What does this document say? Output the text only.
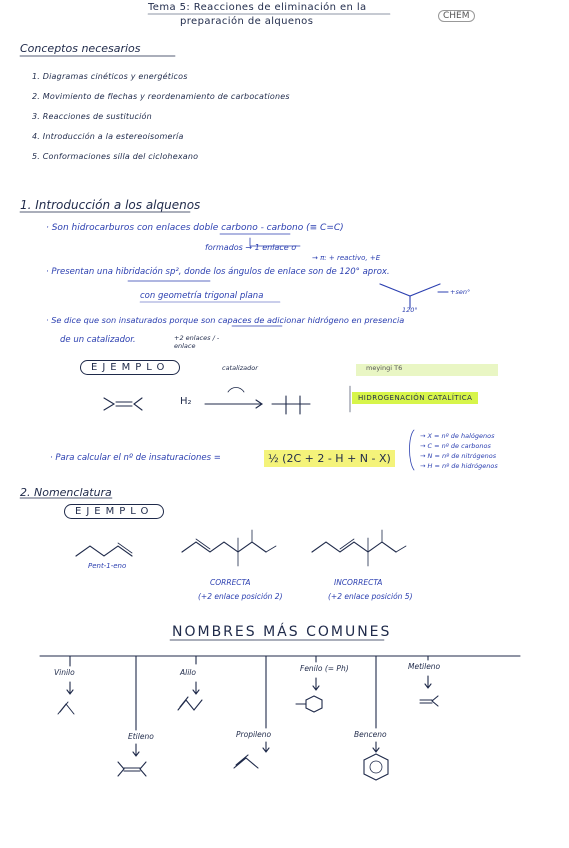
Tema 5: Reacciones de eliminación en la
preparación de alquenos	CHEM
Conceptos necesarios
1. Diagramas cinéticos y energéticos
2. Movimiento de flechas y reordenamiento de carbocationes
3. Reacciones de sustitución
4. Introducción a la estereoisomería
5. Conformaciones silla del ciclohexano
1. Introducción a los alquenos
· Son hidrocarburos con enlaces doble carbono - carbono (≡ C=C)
formados → 1 enlace σ
→ π: + reactivo, +E
· Presentan una hibridación sp², donde los ángulos de enlace son de 120° aprox.
con geometría trigonal plana
120°
+sen°
· Se dice que son insaturados porque son capaces de adicionar hidrógeno en presencia
de un catalizador.	+2 enlaces / -enlace
EJEMPLO	catalizador
H₂
meyingi T6
HIDROGENACIÓN CATALÍTICA
· Para calcular el nº de insaturaciones =	½ (2C + 2 - H + N - X)
→ X = nº de halógenos
→ C = nº de carbonos
→ N = nº de nitrógenos
→ H = nº de hidrógenos
2. Nomenclatura
EJEMPLO
Pent-1-eno
CORRECTA
(+2 enlace posición 2)
INCORRECTA
(+2 enlace posición 5)
NOMBRES MÁS COMUNES
Vinilo	Alilo	Fenilo (= Ph)	Metileno
Etileno	Propileno	Benceno
